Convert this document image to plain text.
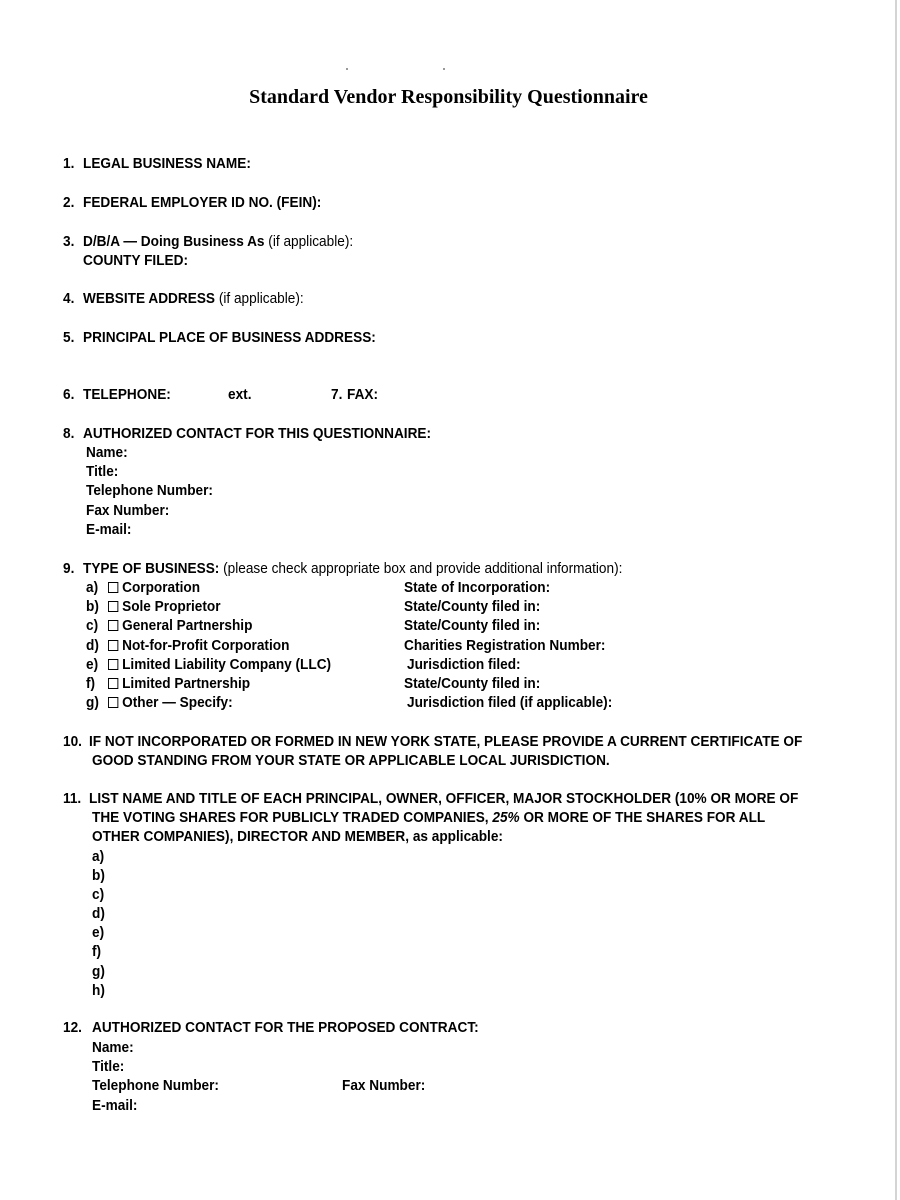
Standard Vendor Responsibility Questionnaire
1. LEGAL BUSINESS NAME:
2. FEDERAL EMPLOYER ID NO. (FEIN):
3. D/B/A — Doing Business As (if applicable):
COUNTY FILED:
4. WEBSITE ADDRESS (if applicable):
5. PRINCIPAL PLACE OF BUSINESS ADDRESS:
6. TELEPHONE:	ext.	7. FAX:
8. AUTHORIZED CONTACT FOR THIS QUESTIONNAIRE:
Name:
Title:
Telephone Number:
Fax Number:
E-mail:
9. TYPE OF BUSINESS: (please check appropriate box and provide additional information):
a)	Corporation	State of Incorporation:
b)	Sole Proprietor	State/County filed in:
c)	General Partnership	State/County filed in:
d)	Not-for-Profit Corporation	Charities Registration Number:
e)	Limited Liability Company (LLC)	Jurisdiction filed:
f)	Limited Partnership	State/County filed in:
g)	Other — Specify:	Jurisdiction filed (if applicable):
10. IF NOT INCORPORATED OR FORMED IN NEW YORK STATE, PLEASE PROVIDE A CURRENT CERTIFICATE OF
GOOD STANDING FROM YOUR STATE OR APPLICABLE LOCAL JURISDICTION.
11. LIST NAME AND TITLE OF EACH PRINCIPAL, OWNER, OFFICER, MAJOR STOCKHOLDER (10% OR MORE OF
THE VOTING SHARES FOR PUBLICLY TRADED COMPANIES, 25% OR MORE OF THE SHARES FOR ALL
OTHER COMPANIES), DIRECTOR AND MEMBER, as applicable:
a)
b)
c)
d)
e)
f)
g)
h)
12. AUTHORIZED CONTACT FOR THE PROPOSED CONTRACT:
Name:
Title:
Telephone Number:	Fax Number:
E-mail:
